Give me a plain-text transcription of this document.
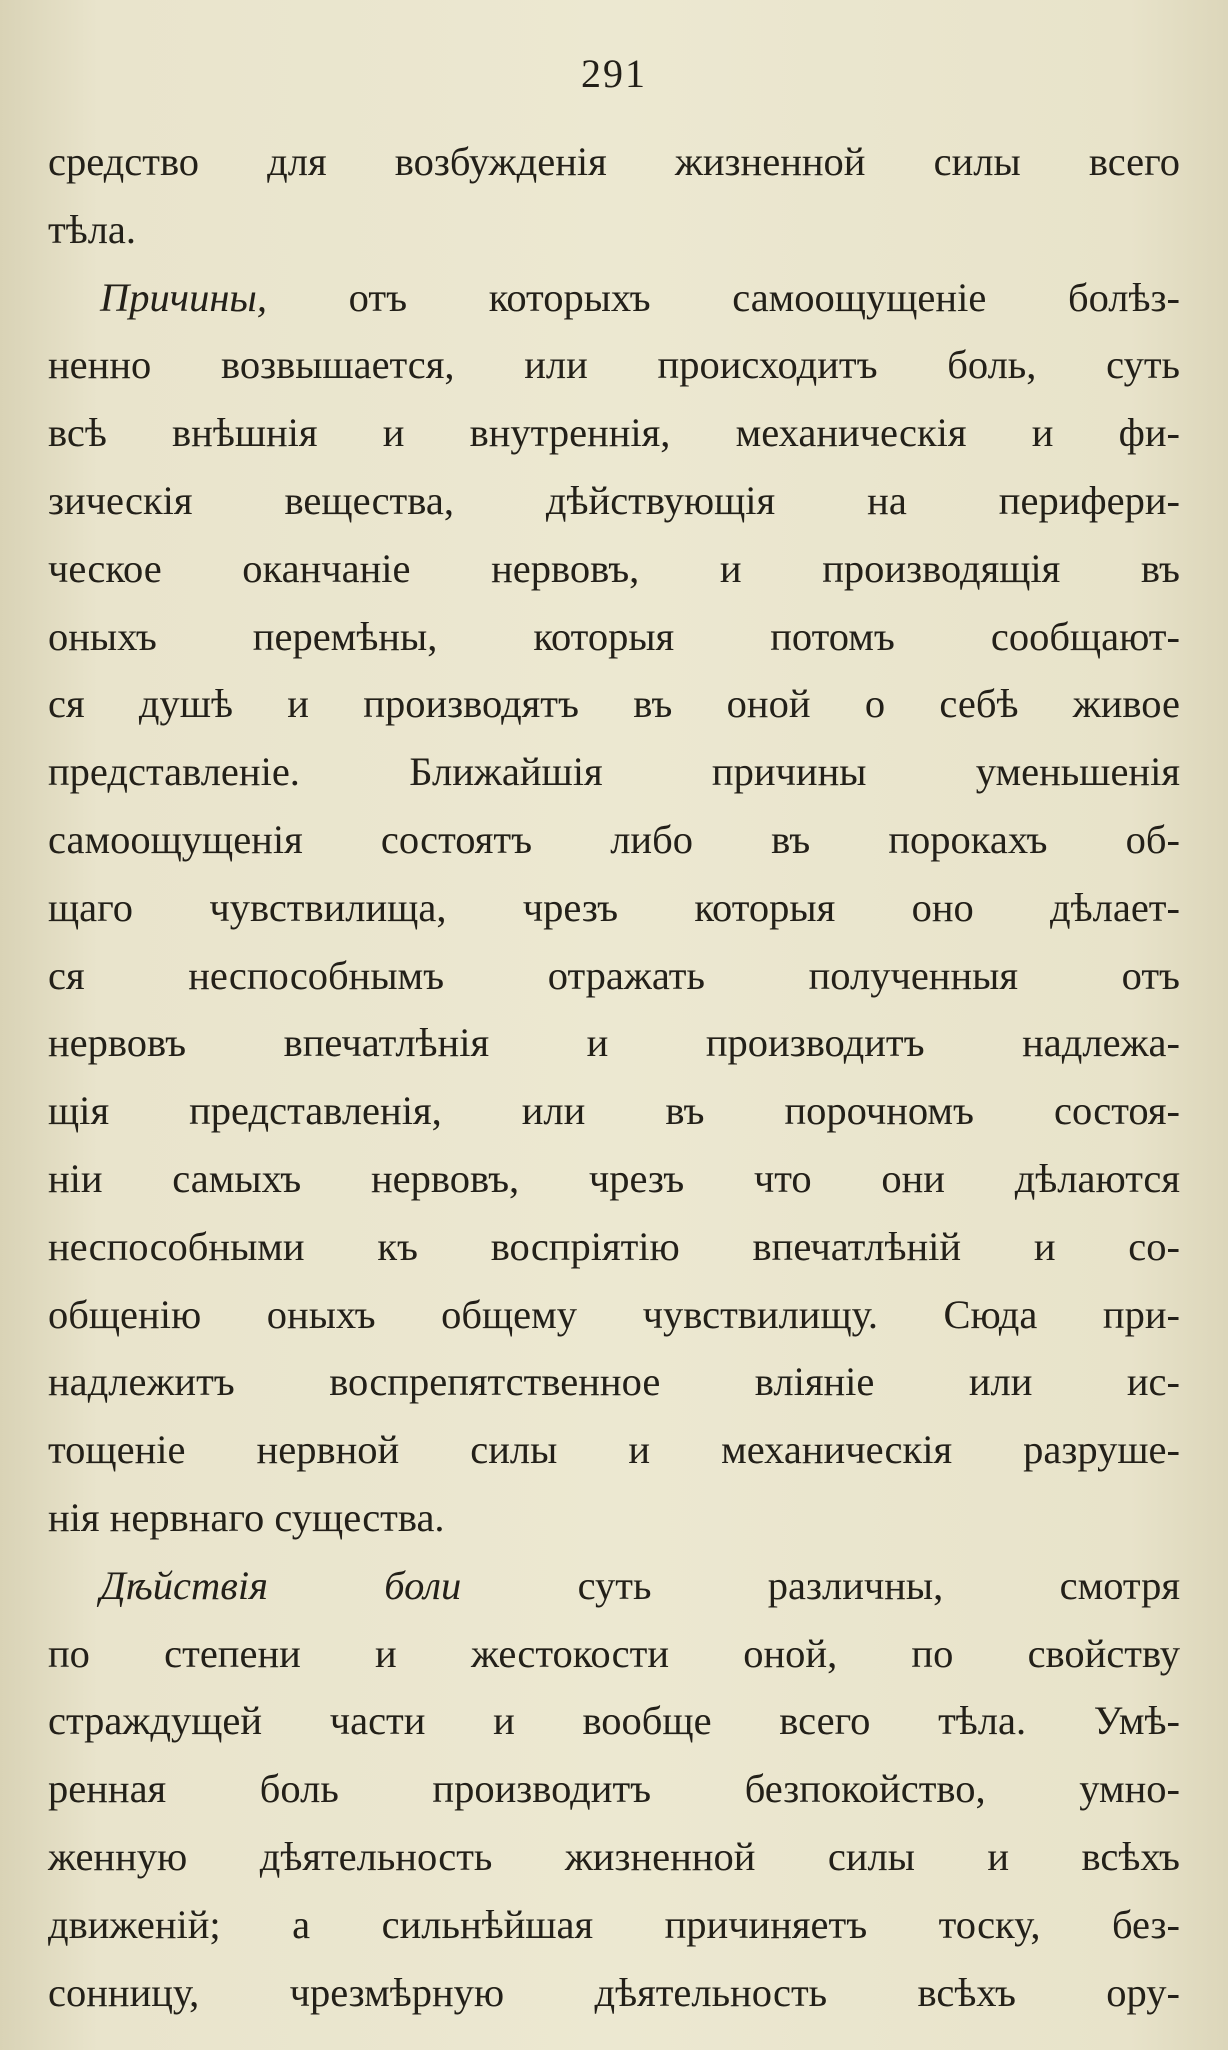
291
средство для возбужденія жизненной силы всего
тѣла.
Причины, отъ которыхъ самоощущеніе болѣз-
ненно возвышается, или происходитъ боль, суть
всѣ внѣшнія и внутреннія, механическія и фи-
зическія вещества, дѣйствующія на перифери-
ческое оканчаніе нервовъ, и производящія въ
оныхъ перемѣны, которыя потомъ сообщают-
ся душѣ и производятъ въ оной о себѣ живое
представленіе. Ближайшія причины уменьшенія
самоощущенія состоятъ либо въ порокахъ об-
щаго чувствилища, чрезъ которыя оно дѣлает-
ся неспособнымъ отражать полученныя отъ
нервовъ впечатлѣнія и производитъ надлежа-
щія представленія, или въ порочномъ состоя-
ніи самыхъ нервовъ, чрезъ что они дѣлаются
неспособными къ воспріятію впечатлѣній и со-
общенію оныхъ общему чувствилищу. Сюда при-
надлежитъ воспрепятственное вліяніе или ис-
тощеніе нервной силы и механическія разруше-
нія нервнаго существа.
Дѣйствія боли	суть различны, смотря
по степени и жестокости оной, по свойству
страждущей части и вообще всего тѣла. Умѣ-
ренная боль производитъ безпокойство, умно-
женную дѣятельность жизненной силы и всѣхъ
движеній; а сильнѣйшая причиняетъ тоску, без-
сонницу, чрезмѣрную дѣятельность всѣхъ ору-
